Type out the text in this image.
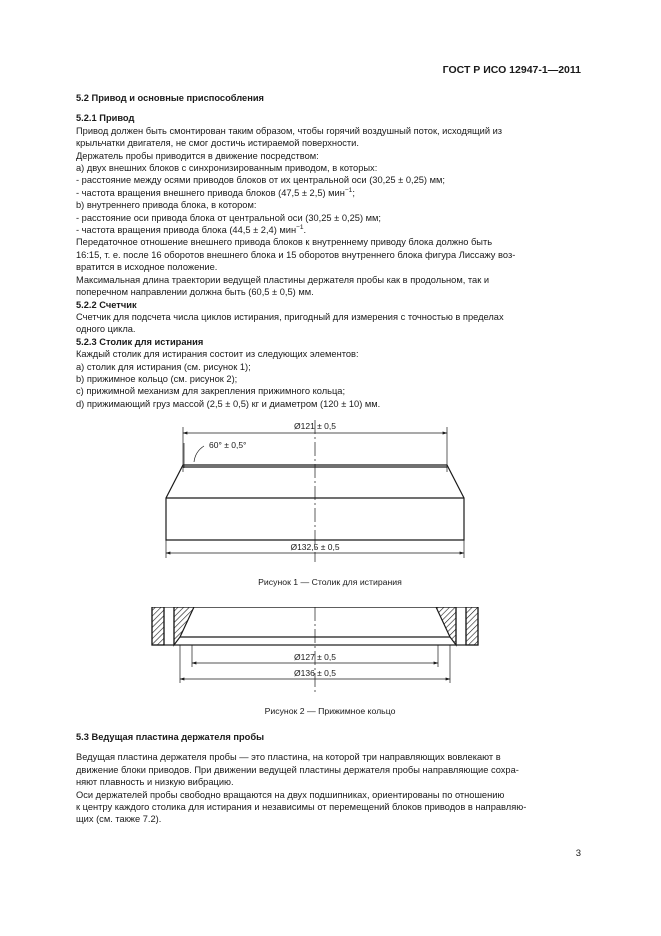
ГОСТ Р ИСО 12947-1—2011

5.2 Привод и основные приспособления

5.2.1 Привод

Привод должен быть смонтирован таким образом, чтобы горячий воздушный поток, исходящий из
крыльчатки двигателя, не смог достичь истираемой поверхности.

Держатель пробы приводится в движение посредством:

а) двух внешних блоков с синхронизированным приводом, в которых:

- расстояние между осями приводов блоков от их центральной оси (30,25 ± 0,25) мм;

- частота вращения внешнего привода блоков (47,5 ± 2,5) мин$^{-1}$;

b) внутреннего привода блока, в котором:

- расстояние оси привода блока от центральной оси (30,25 ± 0,25) мм;

- частота вращения привода блока (44,5 ± 2,4) мин$^{-1}$.

Передаточное отношение внешнего привода блоков к внутреннему приводу блока должно быть
16:15, т. е. после 16 оборотов внешнего блока и 15 оборотов внутреннего блока фигура Лиссажу воз-
вратится в исходное положение.

Максимальная длина траектории ведущей пластины держателя пробы как в продольном, так и
поперечном направлении должна быть (60,5 ± 0,5) мм.

5.2.2 Счетчик

Счетчик для подсчета числа циклов истирания, пригодный для измерения с точностью в пределах
одного цикла.

5.2.3 Столик для истирания

Каждый столик для истирания состоит из следующих элементов:

а) столик для истирания (см. рисунок 1);

b) прижимное кольцо (см. рисунок 2);

c) прижимной механизм для закрепления прижимного кольца;

d) прижимающий груз массой (2,5 ± 0,5) кг и диаметром (120 ± 10) мм.

Ø121 ± 0,5
60° ± 0,5°
Ø132,5 ± 0,5

Рисунок 1 — Столик для истирания

Ø127 ± 0,5
Ø136 ± 0,5

Рисунок 2 — Прижимное кольцо

5.3 Ведущая пластина держателя пробы

Ведущая пластина держателя пробы — это пластина, на которой три направляющих вовлекают в
движение блоки приводов. При движении ведущей пластины держателя пробы направляющие сохра-
няют плавность и низкую вибрацию.

Оси держателей пробы свободно вращаются на двух подшипниках, ориентированы по отношению
к центру каждого столика для истирания и независимы от перемещений блоков приводов в направляю-
щих (см. также 7.2).

3
